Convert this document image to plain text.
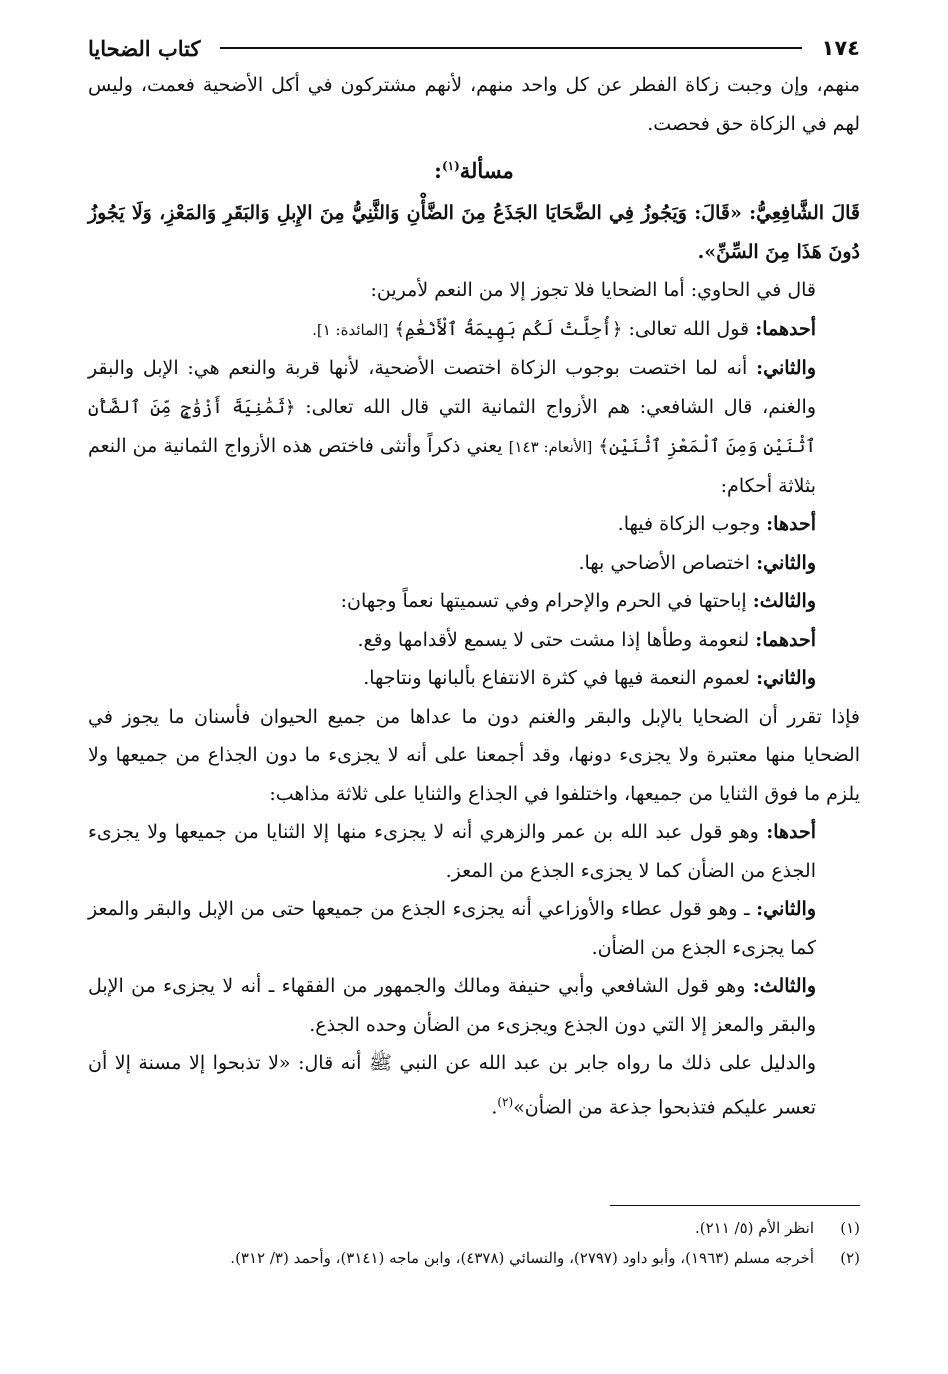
١٧٤
كتاب الضحايا

منهم، وإن وجبت زكاة الفطر عن كل واحد منهم، لأنهم مشتركون في أكل الأضحية فعمت، وليس لهم في الزكاة حق فحصت.

مسألة$^{(١)}$:

قَالَ الشَّافِعِيُّ: «قَالَ: وَيَجُوزُ فِي الضَّحَايَا الجَذَعُ مِنَ الضَّأْنِ وَالثَّنِيُّ مِنَ الإِبلِ وَالبَقَرِ وَالمَعْزِ، وَلَا يَجُوزُ دُونَ هَذَا مِنَ السِّنِّ».

قال في الحاوي: أما الضحايا فلا تجوز إلا من النعم لأمرين:

أحدهما: قول الله تعالى: ﴿أُحِلَّتْ لَكُم بَهِيمَةُ ٱلْأَنْعَٰمِ﴾ [المائدة: ١].

والثاني: أنه لما اختصت بوجوب الزكاة اختصت الأضحية، لأنها قربة والنعم هي: الإبل والبقر والغنم، قال الشافعي: هم الأزواج الثمانية التي قال الله تعالى: ﴿ثَمَٰنِيَةَ أَزْوَٰجٍ مِّنَ ٱلضَّأْنِ ٱثْنَيْنِ وَمِنَ ٱلْمَعْزِ ٱثْنَيْنِ﴾ [الأنعام: ١٤٣] يعني ذكراً وأنثى فاختص هذه الأزواج الثمانية من النعم بثلاثة أحكام:

أحدها: وجوب الزكاة فيها.

والثاني: اختصاص الأضاحي بها.

والثالث: إباحتها في الحرم والإحرام وفي تسميتها نعماً وجهان:

أحدهما: لنعومة وطأها إذا مشت حتى لا يسمع لأقدامها وقع.

والثاني: لعموم النعمة فيها في كثرة الانتفاع بألبانها ونتاجها.

فإذا تقرر أن الضحايا بالإبل والبقر والغنم دون ما عداها من جميع الحيوان فأسنان ما يجوز في الضحايا منها معتبرة ولا يجزىء دونها، وقد أجمعنا على أنه لا يجزىء ما دون الجذاع من جميعها ولا يلزم ما فوق الثنايا من جميعها، واختلفوا في الجذاع والثنايا على ثلاثة مذاهب:

أحدها: وهو قول عبد الله بن عمر والزهري أنه لا يجزىء منها إلا الثنايا من جميعها ولا يجزىء الجذع من الضأن كما لا يجزىء الجذع من المعز.

والثاني: ـ وهو قول عطاء والأوزاعي أنه يجزىء الجذع من جميعها حتى من الإبل والبقر والمعز كما يجزىء الجذع من الضأن.

والثالث: وهو قول الشافعي وأبي حنيفة ومالك والجمهور من الفقهاء ـ أنه لا يجزىء من الإبل والبقر والمعز إلا التي دون الجذع ويجزىء من الضأن وحده الجذع.

والدليل على ذلك ما رواه جابر بن عبد الله عن النبي ﷺ أنه قال: «لا تذبحوا إلا مسنة إلا أن تعسر عليكم فتذبحوا جذعة من الضأن»$^{(٢)}$.

(١)
انظر الأم (٥/ ٢١١).
(٢)
أخرجه مسلم (١٩٦٣)، وأبو داود (٢٧٩٧)، والنسائي (٤٣٧٨)، وابن ماجه (٣١٤١)، وأحمد (٣/ ٣١٢).
